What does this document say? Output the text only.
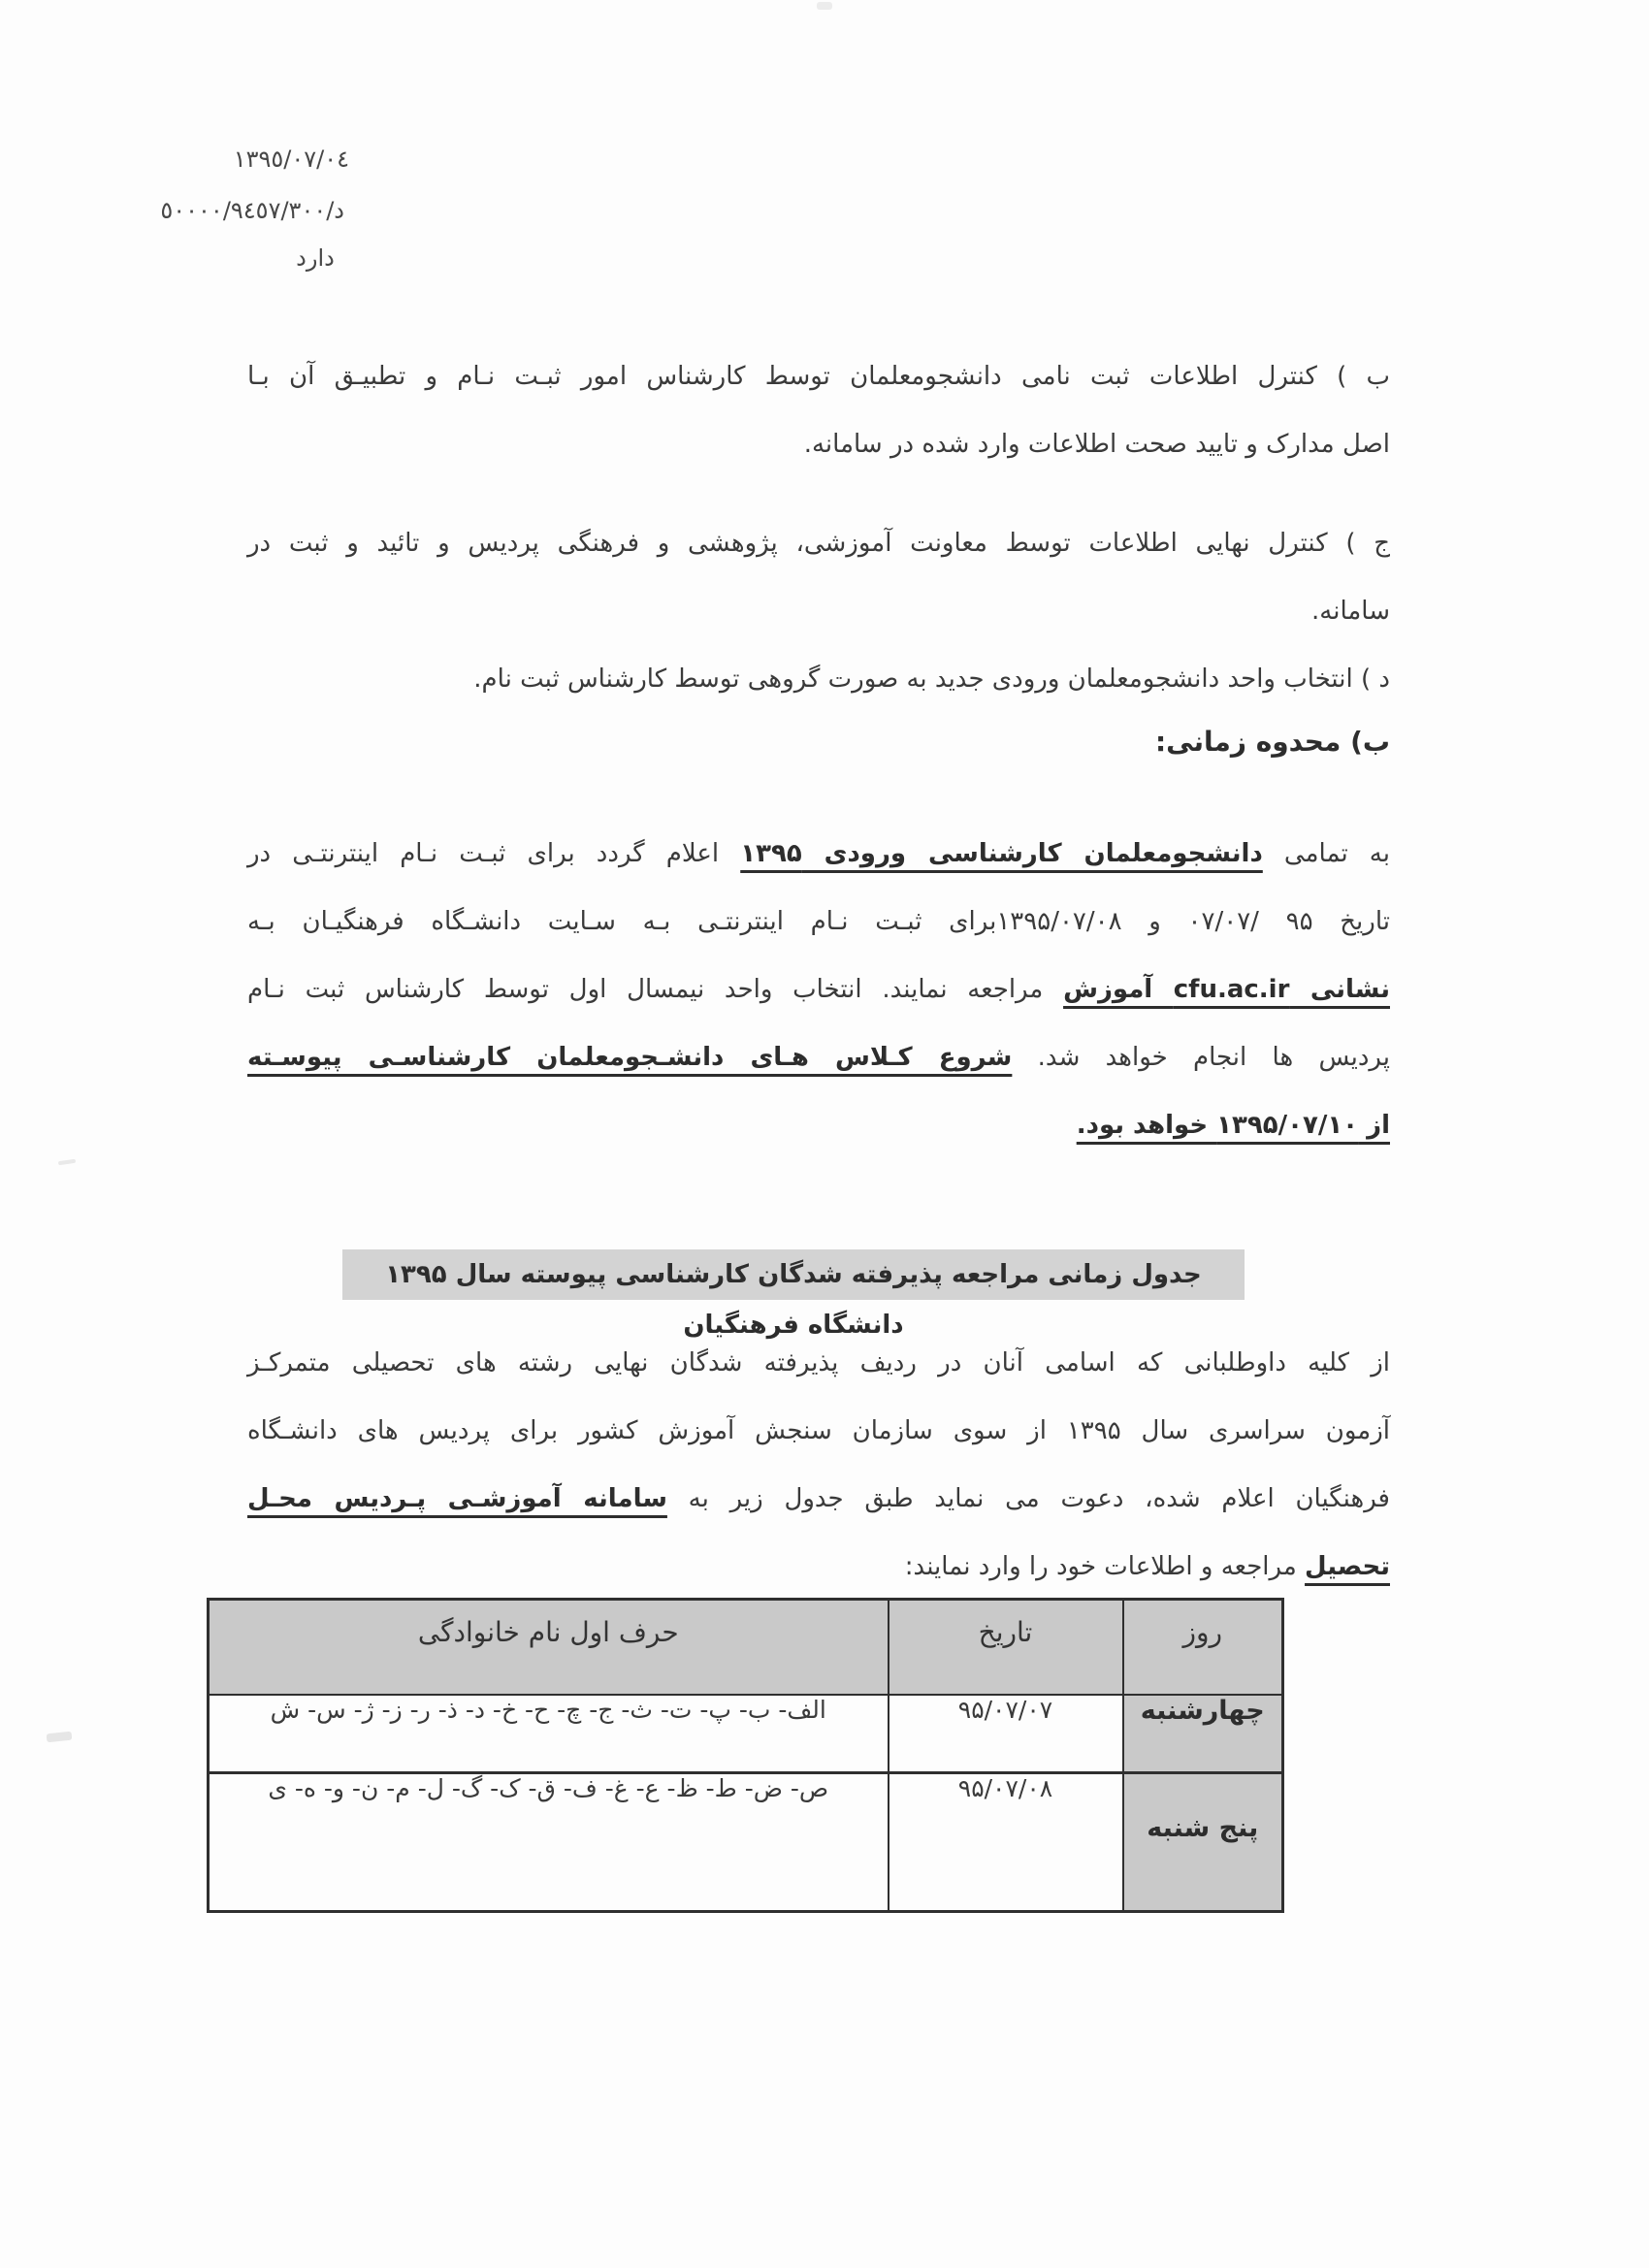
١٣٩٥/٠٧/٠٤
د/٥٠٠٠٠/٩٤٥٧/٣٠٠
دارد
ب ) کنترل اطلاعات ثبت نامی دانشجومعلمان توسط کارشناس امور ثبـت نـام و تطبیـق آن بـا
اصل مدارک و تایید صحت اطلاعات وارد شده در سامانه.
ج ) کنترل نهایی اطلاعات توسط معاونت آموزشی، پژوهشی و فرهنگی پردیس و تائید و ثبت در
سامانه.
د ) انتخاب واحد دانشجومعلمان ورودی جدید به صورت گروهی توسط کارشناس ثبت نام.
ب) محدوه زمانی:
به تمامی دانشجومعلمان کارشناسی ورودی ۱۳۹۵ اعلام گردد برای ثبـت نـام اینترنتـی در
تاریخ ۹۵ /۰۷/۰۷ و ۱۳۹۵/۰۷/۰۸برای ثبـت نـام اینترنتـی بـه سـایت دانشـگاه فرهنگیـان بـه
نشانی cfu.ac.ir آموزش مراجعه نمایند. انتخاب واحد نیمسال اول توسط کارشناس ثبت نـام
پردیس ها انجام خواهد شد. شروع کـلاس هـای دانشـجومعلمان کارشناسـی پیوسـته
از ۱۳۹۵/۰۷/۱۰ خواهد بود.
جدول زمانی مراجعه پذیرفته شدگان کارشناسی پیوسته سال ۱۳۹۵ دانشگاه فرهنگیان
از کلیه داوطلبانی که اسامی آنان در ردیف پذیرفته شدگان نهایی رشته های تحصیلی متمرکـز
آزمون سراسری سال ۱۳۹۵ از سوی سازمان سنجش آموزش کشور برای پردیس های دانشـگاه
فرهنگیان اعلام شده، دعوت می نماید طبق جدول زیر به سامانه آموزشـی پـردیس محـل
تحصیل مراجعه و اطلاعات خود را وارد نمایند:
روز	تاریخ	حرف اول نام خانوادگی
چهارشنبه	۹۵/۰۷/۰۷	الف- ب- پ- ت- ث- ج- چ- ح- خ- د- ذ- ر- ز- ژ- س- ش
پنج شنبه	۹۵/۰۷/۰۸	ص- ض- ط- ظ- ع- غ- ف- ق- ک- گ- ل- م- ن- و- ه- ی
